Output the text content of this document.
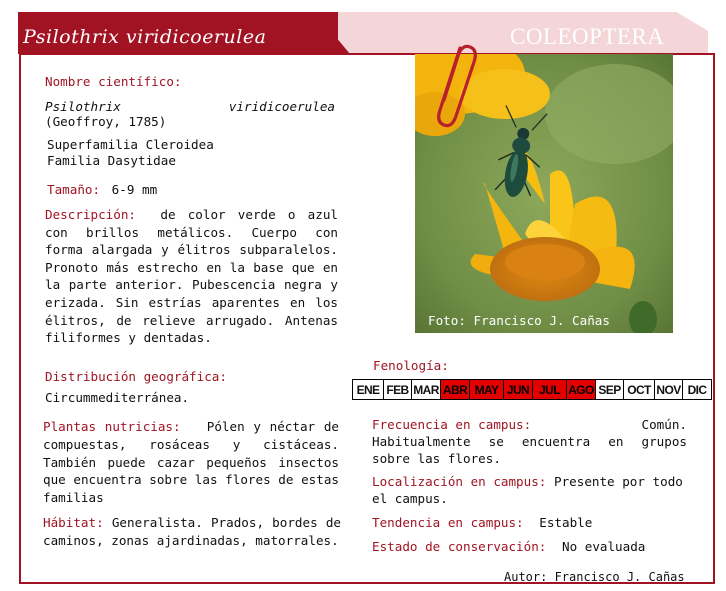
Psilothrix viridicoerulea	COLEOPTERA
Foto: Francisco J. Cañas
Nombre científico:
Psilothrix	viridicoerulea
(Geoffroy, 1785)
Superfamilia Cleroidea
Familia Dasytidae
Tamaño: 6-9 mm
Descripción: de color verde o azul con brillos metálicos. Cuerpo con forma alargada y élitros subparalelos. Pronoto más estrecho en la base que en la parte anterior. Pubescencia negra y erizada. Sin estrías aparentes en los élitros, de relieve arrugado. Antenas filiformes y dentadas.
Distribución geográfica:
Circummediterránea.
Plantas nutricias: Pólen y néctar de compuestas, rosáceas y cistáceas. También puede cazar pequeños insectos que encuentra sobre las flores de estas familias
Hábitat: Generalista. Prados, bordes de caminos, zonas ajardinadas, matorrales.
Fenología:
ENE	FEB	MAR	ABR	MAY	JUN	JUL	AGO	SEP	OCT	NOV	DIC
Frecuencia en campus:	Común.
Habitualmente se encuentra en grupos sobre las flores.
Localización en campus: Presente por todo el campus.
Tendencia en campus: Estable
Estado de conservación: No evaluada
Autor: Francisco J. Cañas
